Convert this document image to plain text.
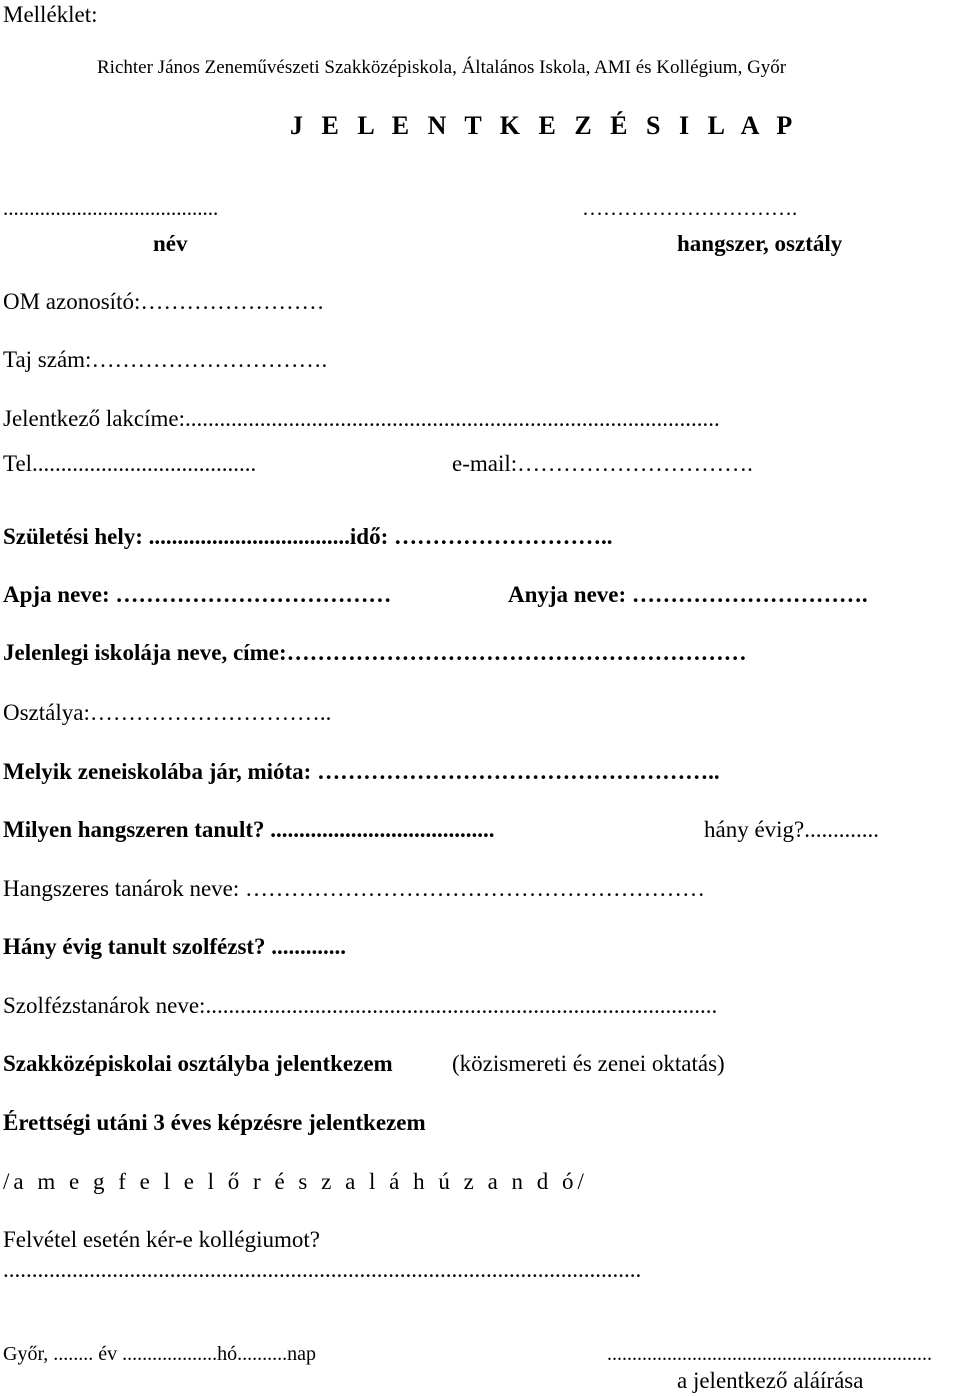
Melléklet:
Richter János Zeneművészeti Szakközépiskola, Általános Iskola, AMI és Kollégium, Győr
J E L E N T K E Z É S I L A P
.........................................	………………………….
név	hangszer, osztály
OM azonosító:……………………
Taj szám:………………………….
Jelentkező lakcíme:.............................................................................................
Tel.......................................	e-mail:………………………….
Születési hely: ...................................idő: ………………………..
Apja neve: ………………………………	Anyja neve: ………………………….
Jelenlegi iskolája neve, címe:……………………………………………………
Osztálya:…………………………..
Melyik zeneiskolába jár, mióta: ……………………………………………..
Milyen hangszeren tanult? .......................................	hány évig?.............
Hangszeres tanárok neve: ……………………………………………………
Hány évig tanult szolfézst? .............
Szolfézstanárok neve:.........................................................................................
Szakközépiskolai osztályba jelentkezem	(közismereti és zenei oktatás)
Érettségi utáni 3 éves képzésre jelentkezem
/a m e g f e l e l ő r é s z a l á h ú z a n d ó/
Felvétel esetén kér-e kollégiumot?
...............................................................................................................
Győr, ........ év ...................hó..........nap	.................................................................
a jelentkező aláírása
